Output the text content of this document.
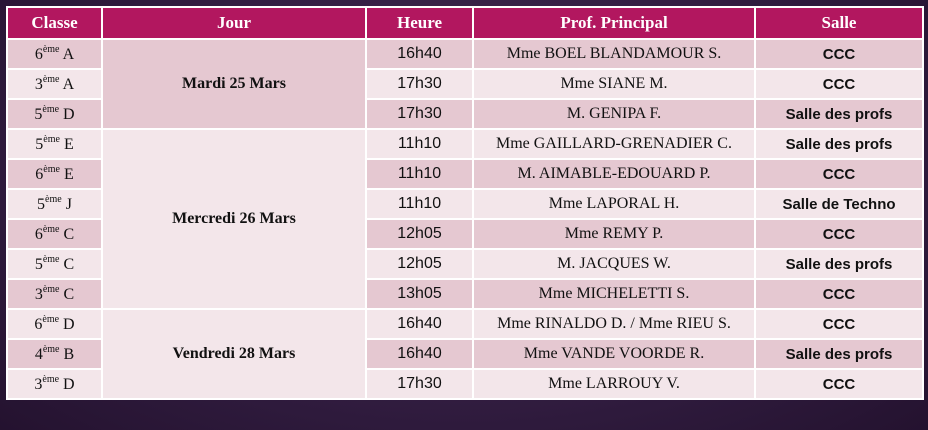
Classe	Jour	Heure	Prof. Principal	Salle
6ème A	Mardi 25 Mars	16h40	Mme BOEL BLANDAMOUR S.	CCC
3ème A		17h30	Mme SIANE M.	CCC
5ème D		17h30	M. GENIPA F.	Salle des profs
5ème E	Mercredi 26 Mars	11h10	Mme GAILLARD-GRENADIER C.	Salle des profs
6ème E		11h10	M. AIMABLE-EDOUARD P.	CCC
5ème J		11h10	Mme LAPORAL H.	Salle de Techno
6ème C		12h05	Mme REMY P.	CCC
5ème C		12h05	M. JACQUES W.	Salle des profs
3ème C		13h05	Mme MICHELETTI S.	CCC
6ème D	Vendredi 28 Mars	16h40	Mme RINALDO D. / Mme RIEU S.	CCC
4ème B		16h40	Mme VANDE VOORDE R.	Salle des profs
3ème D		17h30	Mme LARROUY V.	CCC
